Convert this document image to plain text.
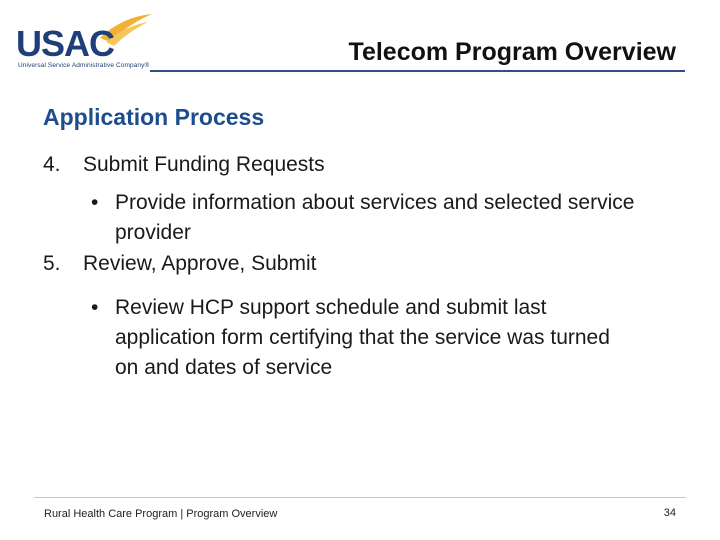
USAC
Universal Service Administrative Company®	Telecom Program Overview
Application Process
4.	Submit Funding Requests
• Provide information about services and selected service provider
5.	Review, Approve, Submit
• Review HCP support schedule and submit last application form certifying that the service was turned on and dates of service
Rural Health Care Program | Program Overview	34
